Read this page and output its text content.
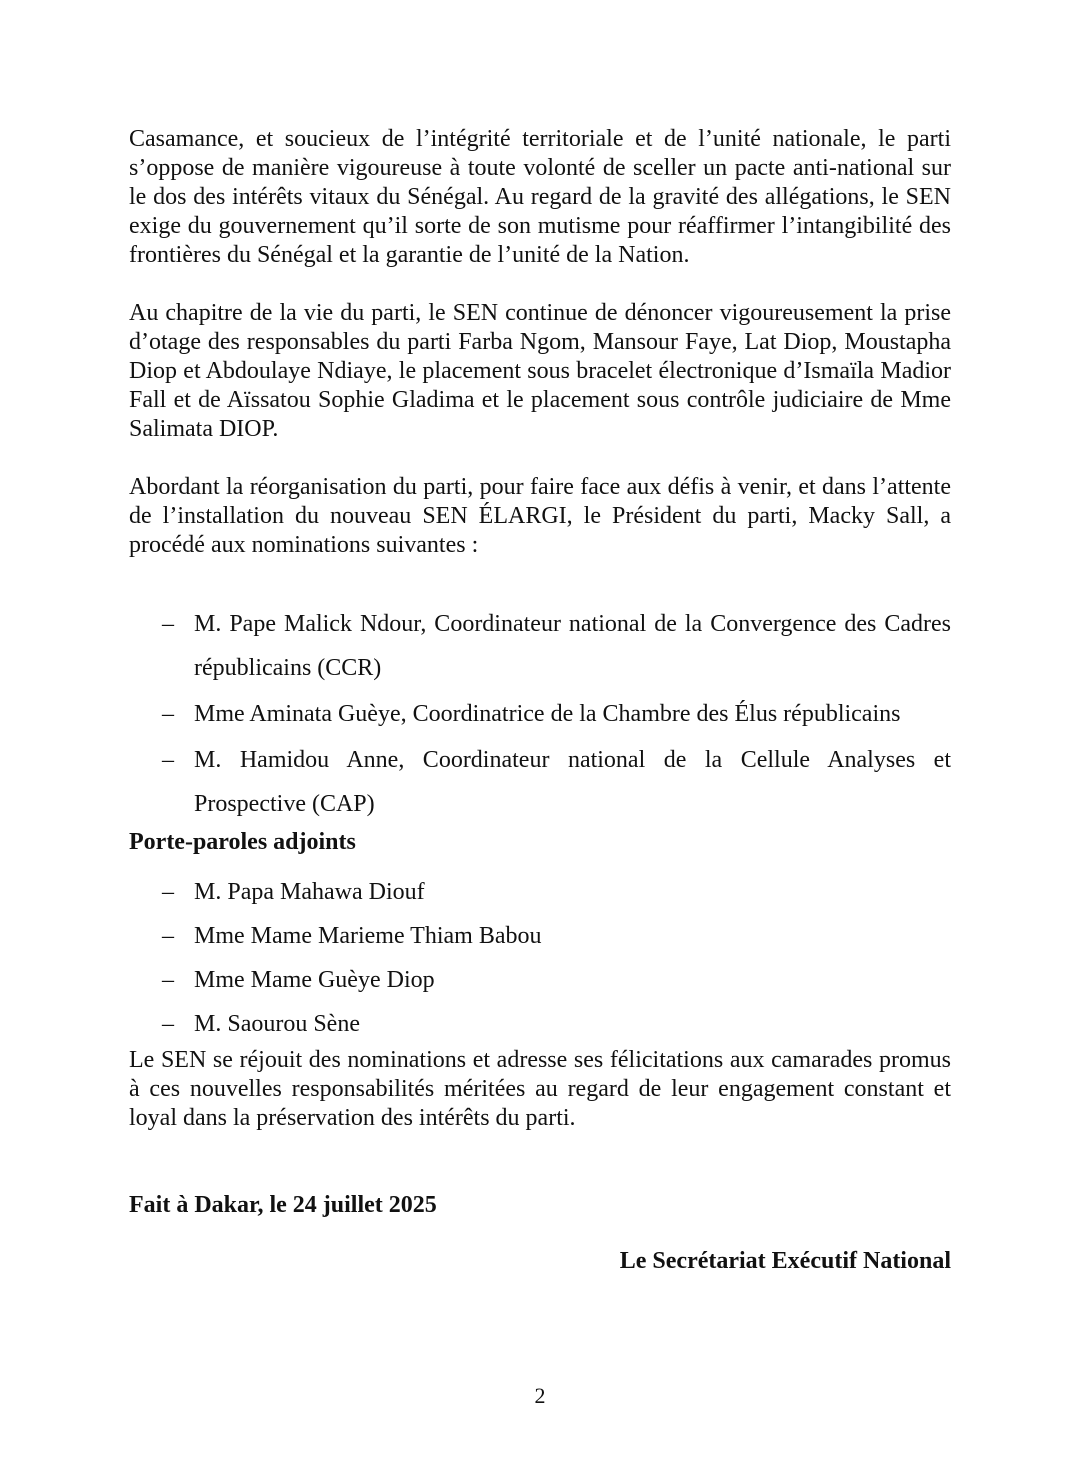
Casamance, et soucieux de l’intégrité territoriale et de l’unité nationale, le parti s’oppose de manière vigoureuse à toute volonté de sceller un pacte anti-national sur le dos des intérêts vitaux du Sénégal. Au regard de la gravité des allégations, le SEN exige du gouvernement qu’il sorte de son mutisme pour réaffirmer l’intangibilité des frontières du Sénégal et la garantie de l’unité de la Nation.

Au chapitre de la vie du parti, le SEN continue de dénoncer vigoureusement la prise d’otage des responsables du parti Farba Ngom, Mansour Faye, Lat Diop, Moustapha Diop et Abdoulaye Ndiaye, le placement sous bracelet électronique d’Ismaïla Madior Fall et de Aïssatou Sophie Gladima et le placement sous contrôle judiciaire de Mme Salimata DIOP.

Abordant la réorganisation du parti, pour faire face aux défis à venir, et dans l’attente de l’installation du nouveau SEN ÉLARGI, le Président du parti, Macky Sall, a procédé aux nominations suivantes :

– M. Pape Malick Ndour, Coordinateur national de la Convergence des Cadres républicains (CCR)
– Mme Aminata Guèye, Coordinatrice de la Chambre des Élus républicains
– M. Hamidou Anne, Coordinateur national de la Cellule Analyses et Prospective (CAP)
Porte-paroles adjoints
– M. Papa Mahawa Diouf
– Mme Mame Marieme Thiam Babou
– Mme Mame Guèye Diop
– M. Saourou Sène

Le SEN se réjouit des nominations et adresse ses félicitations aux camarades promus à ces nouvelles responsabilités méritées au regard de leur engagement constant et loyal dans la préservation des intérêts du parti.

Fait à Dakar, le 24 juillet 2025
Le Secrétariat Exécutif National
2
